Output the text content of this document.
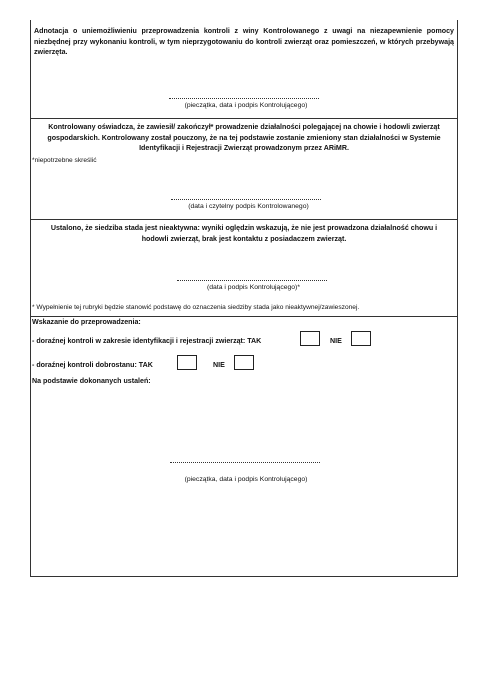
Adnotacja o uniemożliwieniu przeprowadzenia kontroli z winy Kontrolowanego z uwagi na niezapewnienie pomocy niezbędnej przy wykonaniu kontroli, w tym nieprzygotowaniu do kontroli zwierząt oraz pomieszczeń, w których przebywają zwierzęta.
(pieczątka, data i podpis Kontrolującego)
Kontrolowany oświadcza, że zawiesił/ zakończył* prowadzenie działalności polegającej na chowie i hodowli zwierząt gospodarskich. Kontrolowany został pouczony, że na tej podstawie zostanie zmieniony stan działalności w Systemie Identyfikacji i Rejestracji Zwierząt prowadzonym przez ARiMR.
*niepotrzebne skreślić
(data i czytelny podpis Kontrolowanego)
Ustalono, że siedziba stada jest nieaktywna: wyniki oględzin wskazują, że nie jest prowadzona działalność chowu i hodowli zwierząt, brak jest kontaktu z posiadaczem zwierząt.
(data i podpis Kontrolującego)*
* Wypełnienie tej rubryki będzie stanowić podstawę do oznaczenia siedziby stada jako nieaktywnej/zawieszonej.
Wskazanie do przeprowadzenia:
- doraźnej kontroli w zakresie identyfikacji i rejestracji zwierząt: TAK	NIE
- doraźnej kontroli dobrostanu: TAK	NIE
Na podstawie dokonanych ustaleń:
(pieczątka, data i podpis Kontrolującego)
